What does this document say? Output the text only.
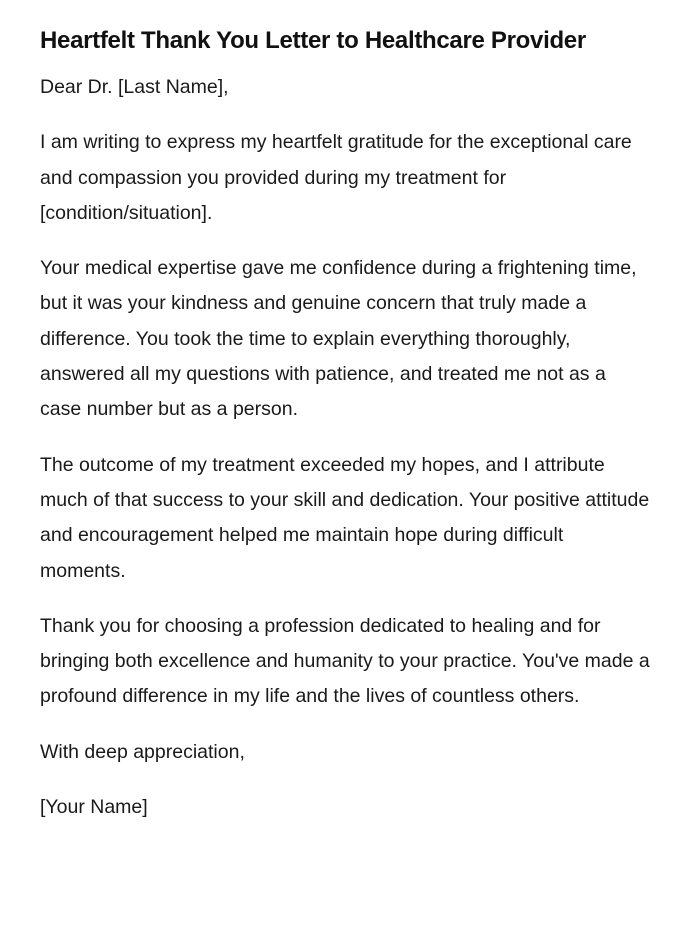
Heartfelt Thank You Letter to Healthcare Provider

Dear Dr. [Last Name],

I am writing to express my heartfelt gratitude for the exceptional care and compassion you provided during my treatment for [condition/situation].

Your medical expertise gave me confidence during a frightening time, but it was your kindness and genuine concern that truly made a difference. You took the time to explain everything thoroughly, answered all my questions with patience, and treated me not as a case number but as a person.

The outcome of my treatment exceeded my hopes, and I attribute much of that success to your skill and dedication. Your positive attitude and encouragement helped me maintain hope during difficult moments.

Thank you for choosing a profession dedicated to healing and for bringing both excellence and humanity to your practice. You've made a profound difference in my life and the lives of countless others.

With deep appreciation,

[Your Name]
